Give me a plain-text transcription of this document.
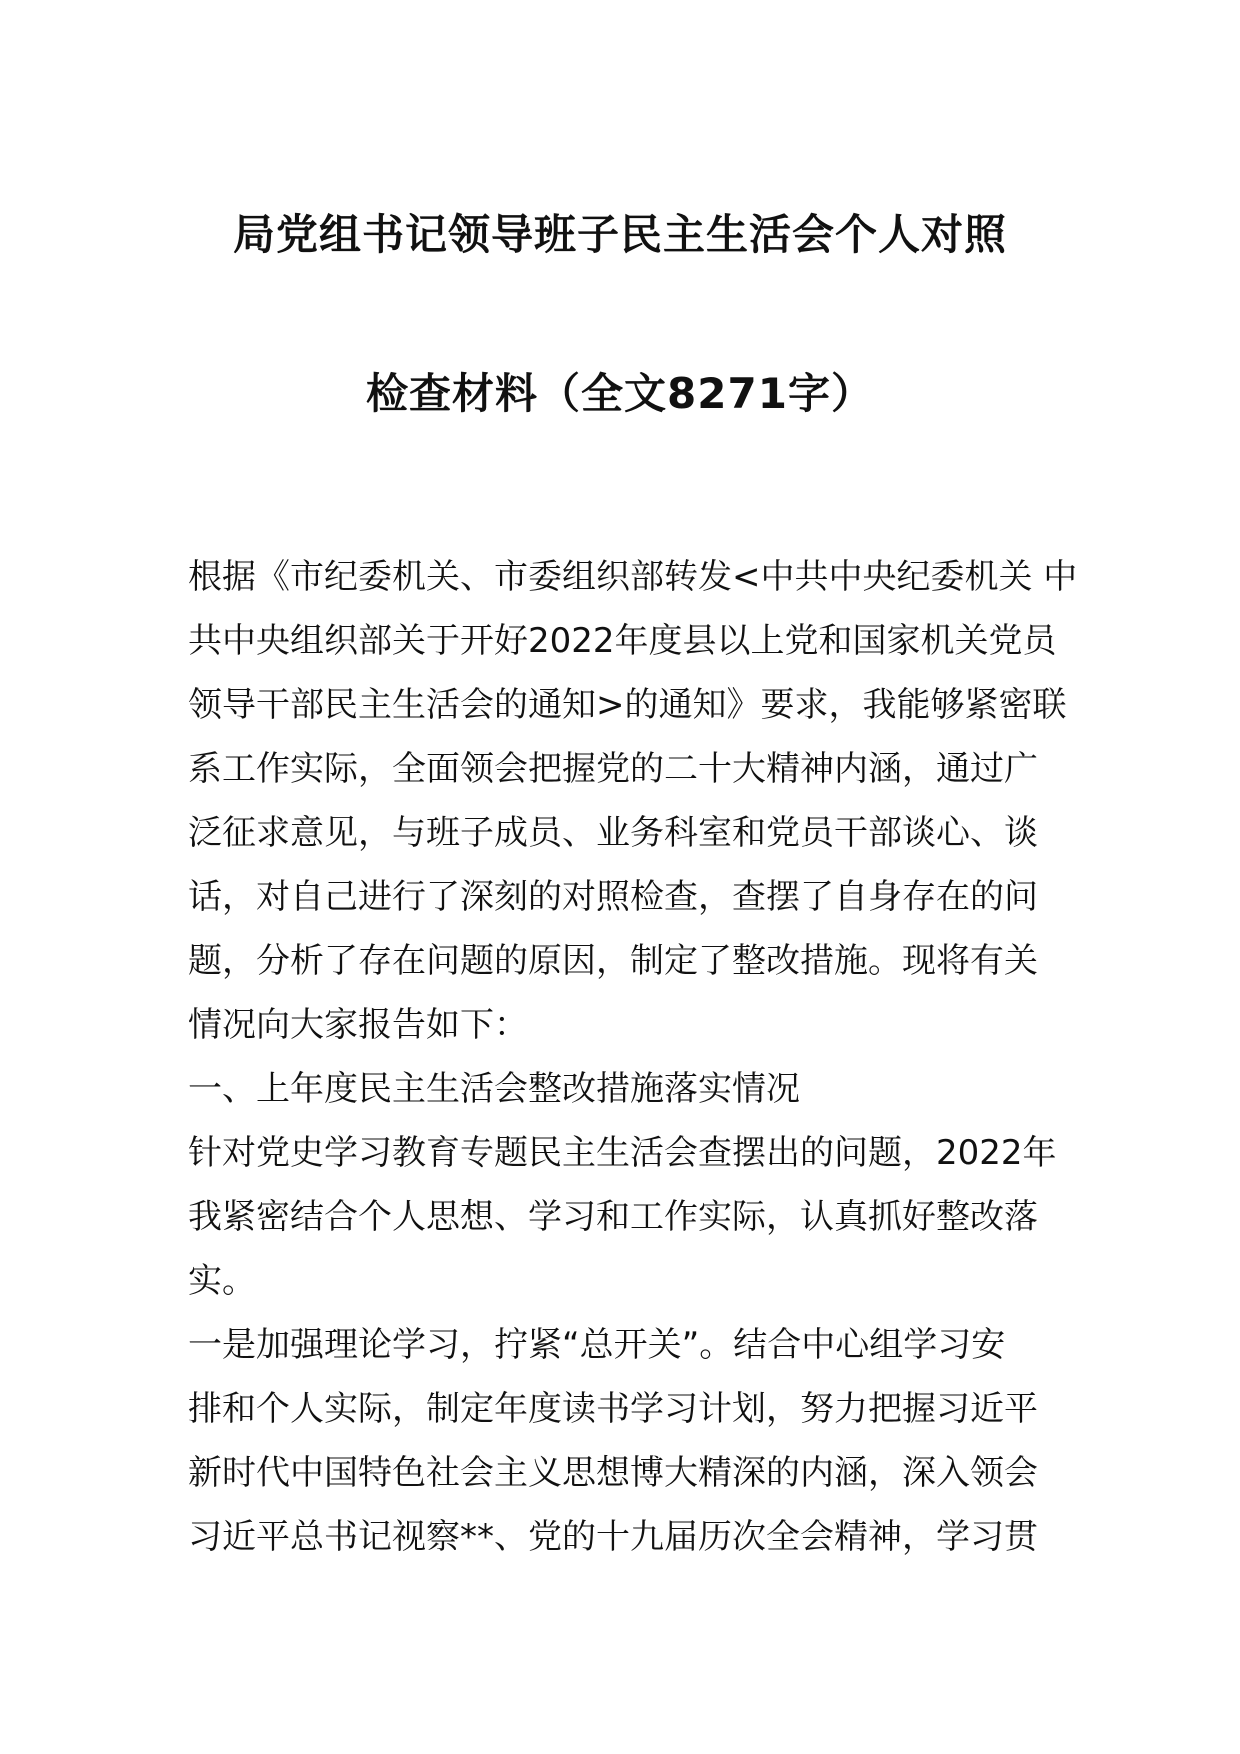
局党组书记领导班子民主生活会个人对照
检查材料（全文8271字）
根据《市纪委机关、市委组织部转发<中共中央纪委机关 中
共中央组织部关于开好2022年度县以上党和国家机关党员
领导干部民主生活会的通知>的通知》要求，我能够紧密联
系工作实际，全面领会把握党的二十大精神内涵，通过广
泛征求意见，与班子成员、业务科室和党员干部谈心、谈
话，对自己进行了深刻的对照检查，查摆了自身存在的问
题，分析了存在问题的原因，制定了整改措施。现将有关
情况向大家报告如下：
一、上年度民主生活会整改措施落实情况
针对党史学习教育专题民主生活会查摆出的问题，2022年
我紧密结合个人思想、学习和工作实际，认真抓好整改落
实。
一是加强理论学习，拧紧“总开关”。结合中心组学习安
排和个人实际，制定年度读书学习计划，努力把握习近平
新时代中国特色社会主义思想博大精深的内涵，深入领会
习近平总书记视察**、党的十九届历次全会精神，学习贯
